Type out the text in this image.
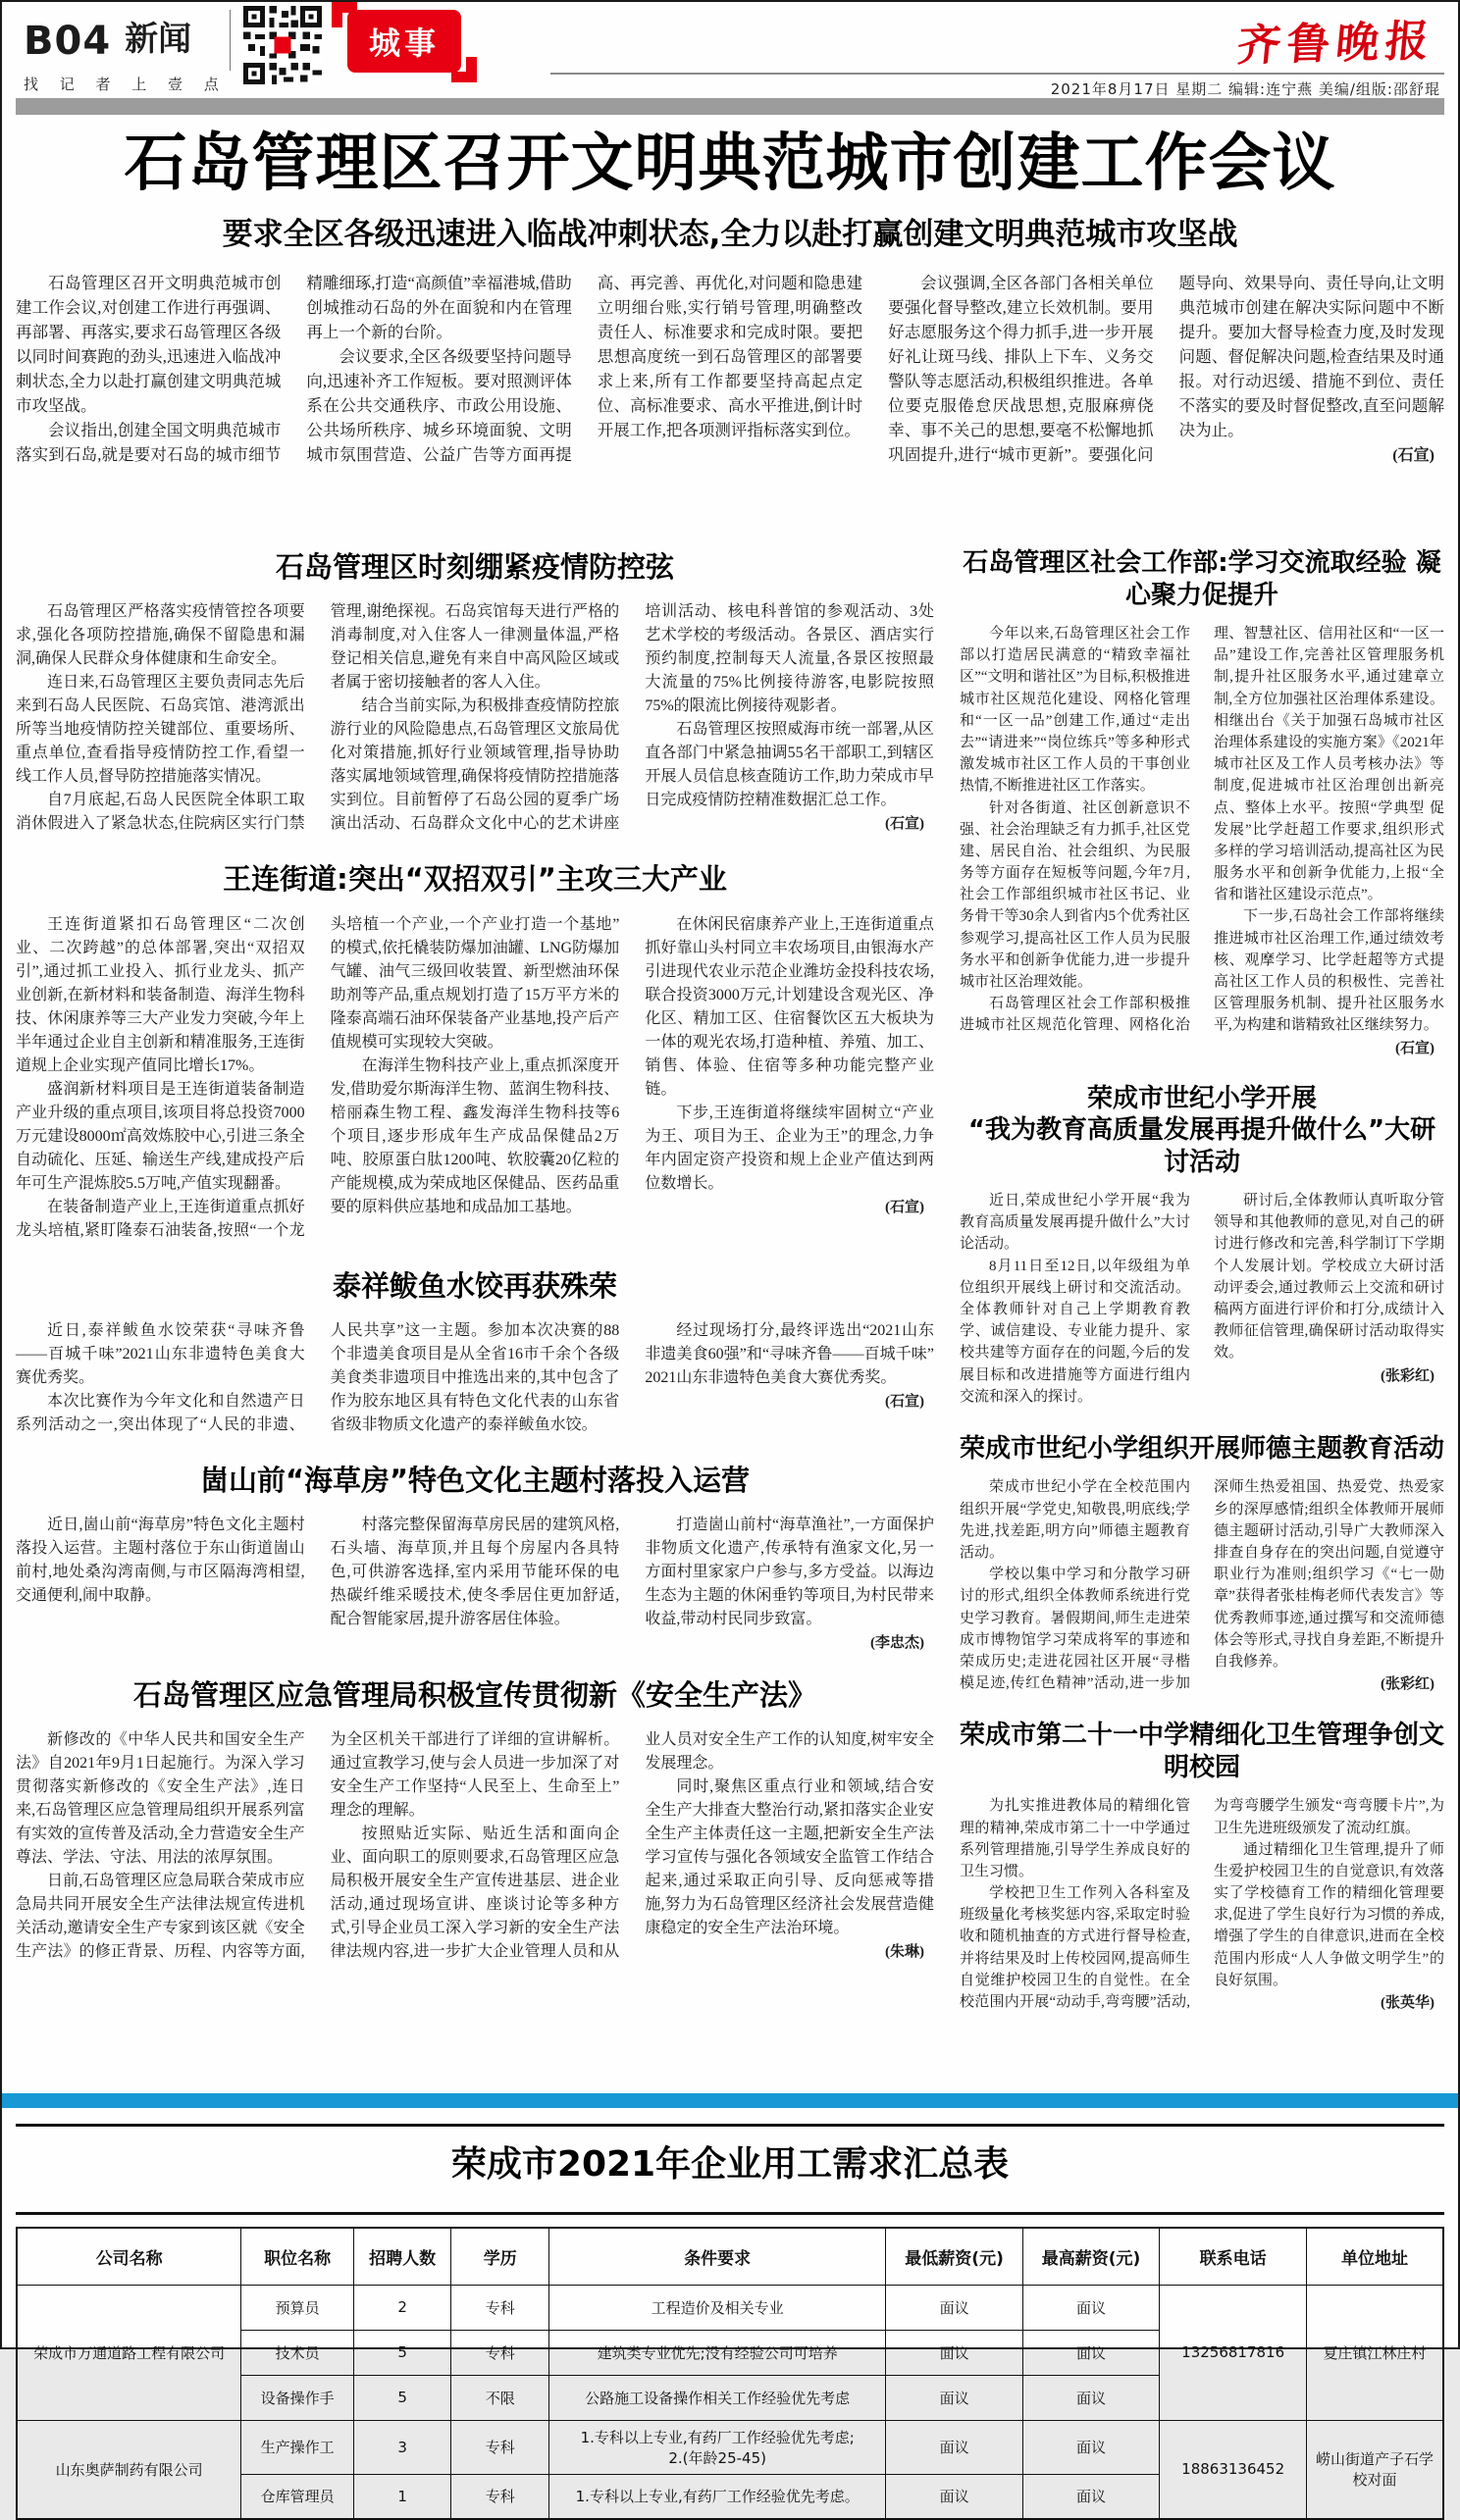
B04 新闻
找 记 者 上 壹 点
城事	齐鲁晚报
2021年8月17日 星期二 编辑:连宁燕 美编/组版:邵舒琨
石岛管理区召开文明典范城市创建工作会议
要求全区各级迅速进入临战冲刺状态,全力以赴打赢创建文明典范城市攻坚战

石岛管理区召开文明典范城市创建工作会议,对创建工作进行再强调、再部署、再落实,要求石岛管理区各级以同时间赛跑的劲头,迅速进入临战冲刺状态,全力以赴打赢创建文明典范城市攻坚战。

会议指出,创建全国文明典范城市落实到石岛,就是要对石岛的城市细节精雕细琢,打造“高颜值”幸福港城,借助创城推动石岛的外在面貌和内在管理再上一个新的台阶。

会议要求,全区各级要坚持问题导向,迅速补齐工作短板。要对照测评体系在公共交通秩序、市政公用设施、公共场所秩序、城乡环境面貌、文明城市氛围营造、公益广告等方面再提高、再完善、再优化,对问题和隐患建立明细台账,实行销号管理,明确整改责任人、标准要求和完成时限。要把思想高度统一到石岛管理区的部署要求上来,所有工作都要坚持高起点定位、高标准要求、高水平推进,倒计时开展工作,把各项测评指标落实到位。

会议强调,全区各部门各相关单位要强化督导整改,建立长效机制。要用好志愿服务这个得力抓手,进一步开展好礼让斑马线、排队上下车、义务交警队等志愿活动,积极组织推进。各单位要克服倦怠厌战思想,克服麻痹侥幸、事不关己的思想,要毫不松懈地抓巩固提升,进行“城市更新”。要强化问题导向、效果导向、责任导向,让文明典范城市创建在解决实际问题中不断提升。要加大督导检查力度,及时发现问题、督促解决问题,检查结果及时通报。对行动迟缓、措施不到位、责任不落实的要及时督促整改,直至问题解决为止。

(石宣)

石岛管理区时刻绷紧疫情防控弦

石岛管理区严格落实疫情管控各项要求,强化各项防控措施,确保不留隐患和漏洞,确保人民群众身体健康和生命安全。

连日来,石岛管理区主要负责同志先后来到石岛人民医院、石岛宾馆、港湾派出所等当地疫情防控关键部位、重要场所、重点单位,查看指导疫情防控工作,看望一线工作人员,督导防控措施落实情况。

自7月底起,石岛人民医院全体职工取消休假进入了紧急状态,住院病区实行门禁管理,谢绝探视。石岛宾馆每天进行严格的消毒制度,对入住客人一律测量体温,严格登记相关信息,避免有来自中高风险区域或者属于密切接触者的客人入住。

结合当前实际,为积极排查疫情防控旅游行业的风险隐患点,石岛管理区文旅局优化对策措施,抓好行业领域管理,指导协助落实属地领域管理,确保将疫情防控措施落实到位。目前暂停了石岛公园的夏季广场演出活动、石岛群众文化中心的艺术讲座培训活动、核电科普馆的参观活动、3处艺术学校的考级活动。各景区、酒店实行预约制度,控制每天人流量,各景区按照最大流量的75%比例接待游客,电影院按照75%的限流比例接待观影者。

石岛管理区按照威海市统一部署,从区直各部门中紧急抽调55名干部职工,到辖区开展人员信息核查随访工作,助力荣成市早日完成疫情防控精准数据汇总工作。

(石宣)

王连街道:突出“双招双引”主攻三大产业

王连街道紧扣石岛管理区“二次创业、二次跨越”的总体部署,突出“双招双引”,通过抓工业投入、抓行业龙头、抓产业创新,在新材料和装备制造、海洋生物科技、休闲康养等三大产业发力突破,今年上半年通过企业自主创新和精准服务,王连街道规上企业实现产值同比增长17%。

盛润新材料项目是王连街道装备制造产业升级的重点项目,该项目将总投资7000万元建设8000㎡高效炼胶中心,引进三条全自动硫化、压延、输送生产线,建成投产后年可生产混炼胶5.5万吨,产值实现翻番。

在装备制造产业上,王连街道重点抓好龙头培植,紧盯隆泰石油装备,按照“一个龙头培植一个产业,一个产业打造一个基地”的模式,依托橇装防爆加油罐、LNG防爆加气罐、油气三级回收装置、新型燃油环保助剂等产品,重点规划打造了15万平方米的隆泰高端石油环保装备产业基地,投产后产值规模可实现较大突破。

在海洋生物科技产业上,重点抓深度开发,借助爱尔斯海洋生物、蓝润生物科技、棓丽森生物工程、鑫发海洋生物科技等6个项目,逐步形成年生产成品保健品2万吨、胶原蛋白肽1200吨、软胶囊20亿粒的产能规模,成为荣成地区保健品、医药品重要的原料供应基地和成品加工基地。

在休闲民宿康养产业上,王连街道重点抓好靠山头村同立丰农场项目,由银海水产引进现代农业示范企业潍坊金投科技农场,联合投资3000万元,计划建设含观光区、净化区、精加工区、住宿餐饮区五大板块为一体的观光农场,打造种植、养殖、加工、销售、体验、住宿等多种功能完整产业链。

下步,王连街道将继续牢固树立“产业为王、项目为王、企业为王”的理念,力争年内固定资产投资和规上企业产值达到两位数增长。

(石宣)

泰祥鲅鱼水饺再获殊荣

近日,泰祥鲅鱼水饺荣获“寻味齐鲁——百城千味”2021山东非遗特色美食大赛优秀奖。

本次比赛作为今年文化和自然遗产日系列活动之一,突出体现了“人民的非遗、人民共享”这一主题。参加本次决赛的88个非遗美食项目是从全省16市千余个各级美食类非遗项目中推选出来的,其中包含了作为胶东地区具有特色文化代表的山东省省级非物质文化遗产的泰祥鲅鱼水饺。

经过现场打分,最终评选出“2021山东非遗美食60强”和“寻味齐鲁——百城千味”2021山东非遗特色美食大赛优秀奖。

(石宣)

崮山前“海草房”特色文化主题村落投入运营

近日,崮山前“海草房”特色文化主题村落投入运营。主题村落位于东山街道崮山前村,地处桑沟湾南侧,与市区隔海湾相望,交通便利,闹中取静。

村落完整保留海草房民居的建筑风格,石头墙、海草顶,并且每个房屋内各具特色,可供游客选择,室内采用节能环保的电热碳纤维采暖技术,使冬季居住更加舒适,配合智能家居,提升游客居住体验。

打造崮山前村“海草渔社”,一方面保护非物质文化遗产,传承特有渔家文化,另一方面村里家家户户参与,多方受益。以海边生态为主题的休闲垂钓等项目,为村民带来收益,带动村民同步致富。

(李忠杰)

石岛管理区应急管理局积极宣传贯彻新《安全生产法》

新修改的《中华人民共和国安全生产法》自2021年9月1日起施行。为深入学习贯彻落实新修改的《安全生产法》,连日来,石岛管理区应急管理局组织开展系列富有实效的宣传普及活动,全力营造安全生产尊法、学法、守法、用法的浓厚氛围。

日前,石岛管理区应急局联合荣成市应急局共同开展安全生产法律法规宣传进机关活动,邀请安全生产专家到该区就《安全生产法》的修正背景、历程、内容等方面,为全区机关干部进行了详细的宣讲解析。通过宣教学习,使与会人员进一步加深了对安全生产工作坚持“人民至上、生命至上”理念的理解。

按照贴近实际、贴近生活和面向企业、面向职工的原则要求,石岛管理区应急局积极开展安全生产宣传进基层、进企业活动,通过现场宣讲、座谈讨论等多种方式,引导企业员工深入学习新的安全生产法律法规内容,进一步扩大企业管理人员和从业人员对安全生产工作的认知度,树牢安全发展理念。

同时,聚焦区重点行业和领域,结合安全生产大排查大整治行动,紧扣落实企业安全生产主体责任这一主题,把新安全生产法学习宣传与强化各领域安全监管工作结合起来,通过采取正向引导、反向惩戒等措施,努力为石岛管理区经济社会发展营造健康稳定的安全生产法治环境。

(朱琳)

石岛管理区社会工作部:学习交流取经验 凝心聚力促提升

今年以来,石岛管理区社会工作部以打造居民满意的“精致幸福社区”“文明和谐社区”为目标,积极推进城市社区规范化建设、网格化管理和“一区一品”创建工作,通过“走出去”“请进来”“岗位练兵”等多种形式激发城市社区工作人员的干事创业热情,不断推进社区工作落实。

针对各街道、社区创新意识不强、社会治理缺乏有力抓手,社区党建、居民自治、社会组织、为民服务等方面存在短板等问题,今年7月,社会工作部组织城市社区书记、业务骨干等30余人到省内5个优秀社区参观学习,提高社区工作人员为民服务水平和创新争优能力,进一步提升城市社区治理效能。

石岛管理区社会工作部积极推进城市社区规范化管理、网格化治理、智慧社区、信用社区和“一区一品”建设工作,完善社区管理服务机制,提升社区服务水平,通过建章立制,全方位加强社区治理体系建设。相继出台《关于加强石岛城市社区治理体系建设的实施方案》《2021年城市社区及工作人员考核办法》等制度,促进城市社区治理创出新亮点、整体上水平。按照“学典型 促发展”比学赶超工作要求,组织形式多样的学习培训活动,提高社区为民服务水平和创新争优能力,上报“全省和谐社区建设示范点”。

下一步,石岛社会工作部将继续推进城市社区治理工作,通过绩效考核、观摩学习、比学赶超等方式提高社区工作人员的积极性、完善社区管理服务机制、提升社区服务水平,为构建和谐精致社区继续努力。

(石宣)

荣成市世纪小学开展
“我为教育高质量发展再提升做什么”大研讨活动

近日,荣成世纪小学开展“我为教育高质量发展再提升做什么”大讨论活动。

8月11日至12日,以年级组为单位组织开展线上研讨和交流活动。全体教师针对自己上学期教育教学、诚信建设、专业能力提升、家校共建等方面存在的问题,今后的发展目标和改进措施等方面进行组内交流和深入的探讨。

研讨后,全体教师认真听取分管领导和其他教师的意见,对自己的研讨进行修改和完善,科学制订下学期个人发展计划。学校成立大研讨活动评委会,通过教师云上交流和研讨稿两方面进行评价和打分,成绩计入教师征信管理,确保研讨活动取得实效。

(张彩红)

荣成市世纪小学组织开展师德主题教育活动

荣成市世纪小学在全校范围内组织开展“学党史,知敬畏,明底线;学先进,找差距,明方向”师德主题教育活动。

学校以集中学习和分散学习研讨的形式,组织全体教师系统进行党史学习教育。暑假期间,师生走进荣成市博物馆学习荣成将军的事迹和荣成历史;走进花园社区开展“寻楷模足迹,传红色精神”活动,进一步加深师生热爱祖国、热爱党、热爱家乡的深厚感情;组织全体教师开展师德主题研讨活动,引导广大教师深入排查自身存在的突出问题,自觉遵守职业行为准则;组织学习《“七一勋章”获得者张桂梅老师代表发言》等优秀教师事迹,通过撰写和交流师德体会等形式,寻找自身差距,不断提升自我修养。

(张彩红)

荣成市第二十一中学精细化卫生管理争创文明校园

为扎实推进教体局的精细化管理的精神,荣成市第二十一中学通过系列管理措施,引导学生养成良好的卫生习惯。

学校把卫生工作列入各科室及班级量化考核奖惩内容,采取定时验收和随机抽查的方式进行督导检查,并将结果及时上传校园网,提高师生自觉维护校园卫生的自觉性。在全校范围内开展“动动手,弯弯腰”活动,为弯弯腰学生颁发“弯弯腰卡片”,为卫生先进班级颁发了流动红旗。

通过精细化卫生管理,提升了师生爱护校园卫生的自觉意识,有效落实了学校德育工作的精细化管理要求,促进了学生良好行为习惯的养成,增强了学生的自律意识,进而在全校范围内形成“人人争做文明学生”的良好氛围。

(张英华)

荣成市2021年企业用工需求汇总表
公司名称	职位名称	招聘人数	学历	条件要求	最低薪资(元)	最高薪资(元)	联系电话	单位地址
荣成市万通道路工程有限公司	预算员	2	专科	工程造价及相关专业	面议	面议	13256817816	夏庄镇江林庄村
	技术员	5	专科	建筑类专业优先;没有经验公司可培养	面议	面议		
	设备操作手	5	不限	公路施工设备操作相关工作经验优先考虑	面议	面议		
山东奥萨制药有限公司	生产操作工	3	专科	1.专科以上专业,有药厂工作经验优先考虑;
2.(年龄25-45)	面议	面议	18863136452	崂山街道产子石学校对面
	仓库管理员	1	专科	1.专科以上专业,有药厂工作经验优先考虑。	面议	面议		
